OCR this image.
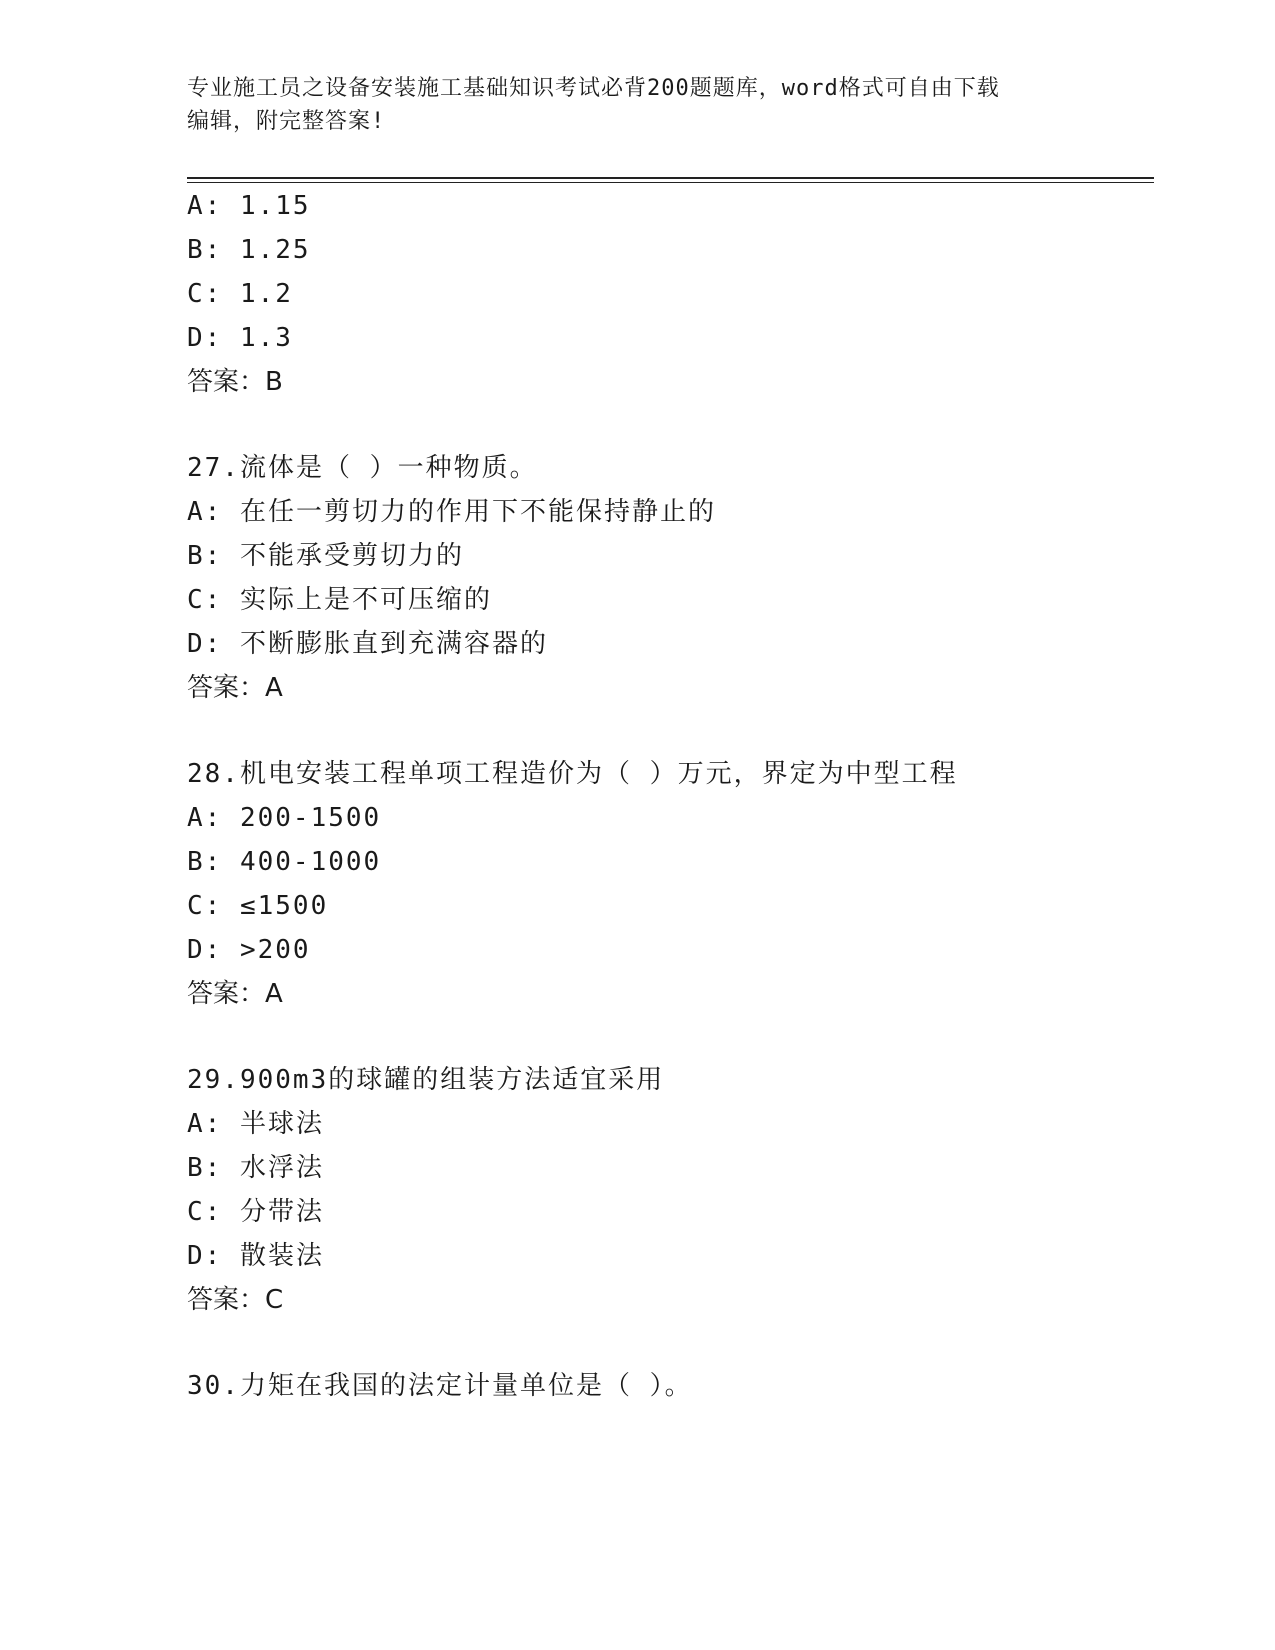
专业施工员之设备安装施工基础知识考试必背200题题库，word格式可自由下载
编辑，附完整答案!
A: 1.15
B: 1.25
C: 1.2
D: 1.3
答案：B
27.流体是（ ）一种物质。
A: 在任一剪切力的作用下不能保持静止的
B: 不能承受剪切力的
C: 实际上是不可压缩的
D: 不断膨胀直到充满容器的
答案：A
28.机电安装工程单项工程造价为（ ）万元，界定为中型工程
A: 200-1500
B: 400-1000
C: ≤1500
D: >200
答案：A
29.900m3的球罐的组装方法适宜采用
A: 半球法
B: 水浮法
C: 分带法
D: 散装法
答案：C
30.力矩在我国的法定计量单位是（ ）。
